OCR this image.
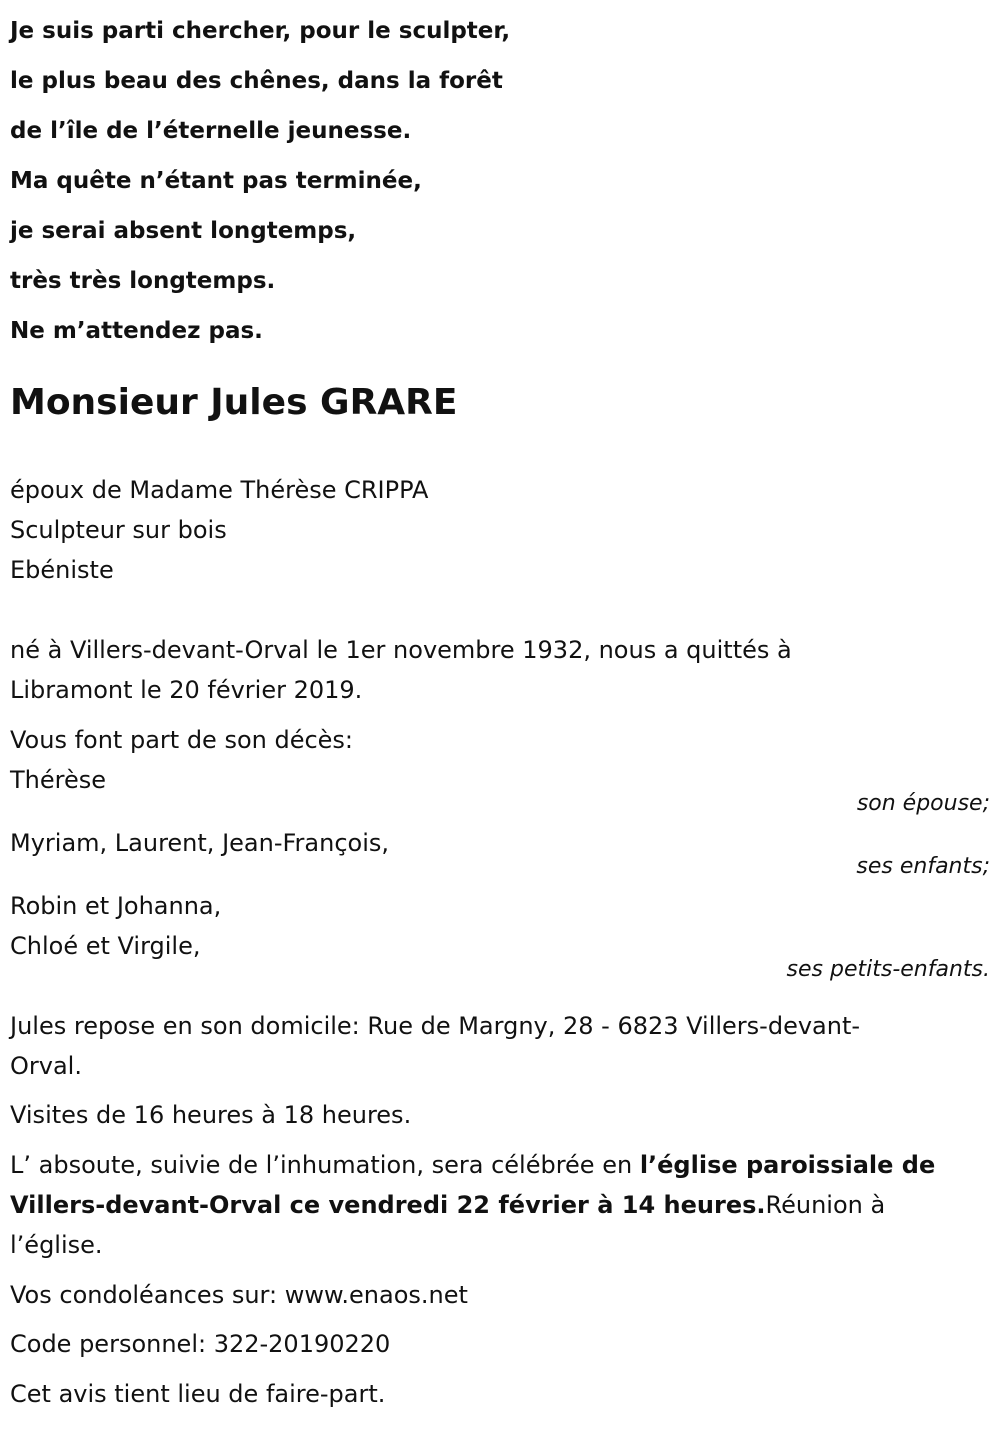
Je suis parti chercher, pour le sculpter,
le plus beau des chênes, dans la forêt
de l’île de l’éternelle jeunesse.
Ma quête n’étant pas terminée,
je serai absent longtemps,
très très longtemps.
Ne m’attendez pas.
Monsieur Jules GRARE
époux de Madame Thérèse CRIPPA
Sculpteur sur bois
Ebéniste
né à Villers-devant-Orval le 1er novembre 1932, nous a quittés à
Libramont le 20 février 2019.
Vous font part de son décès:
Thérèse
son épouse;
Myriam, Laurent, Jean-François,
ses enfants;
Robin et Johanna,
Chloé et Virgile,
ses petits-enfants.
Jules repose en son domicile: Rue de Margny, 28 - 6823 Villers-devant-
Orval.
Visites de 16 heures à 18 heures.
L’ absoute, suivie de l’inhumation, sera célébrée en l’église paroissiale de
Villers-devant-Orval ce vendredi 22 février à 14 heures.Réunion à
l’église.
Vos condoléances sur: www.enaos.net
Code personnel: 322-20190220
Cet avis tient lieu de faire-part.
